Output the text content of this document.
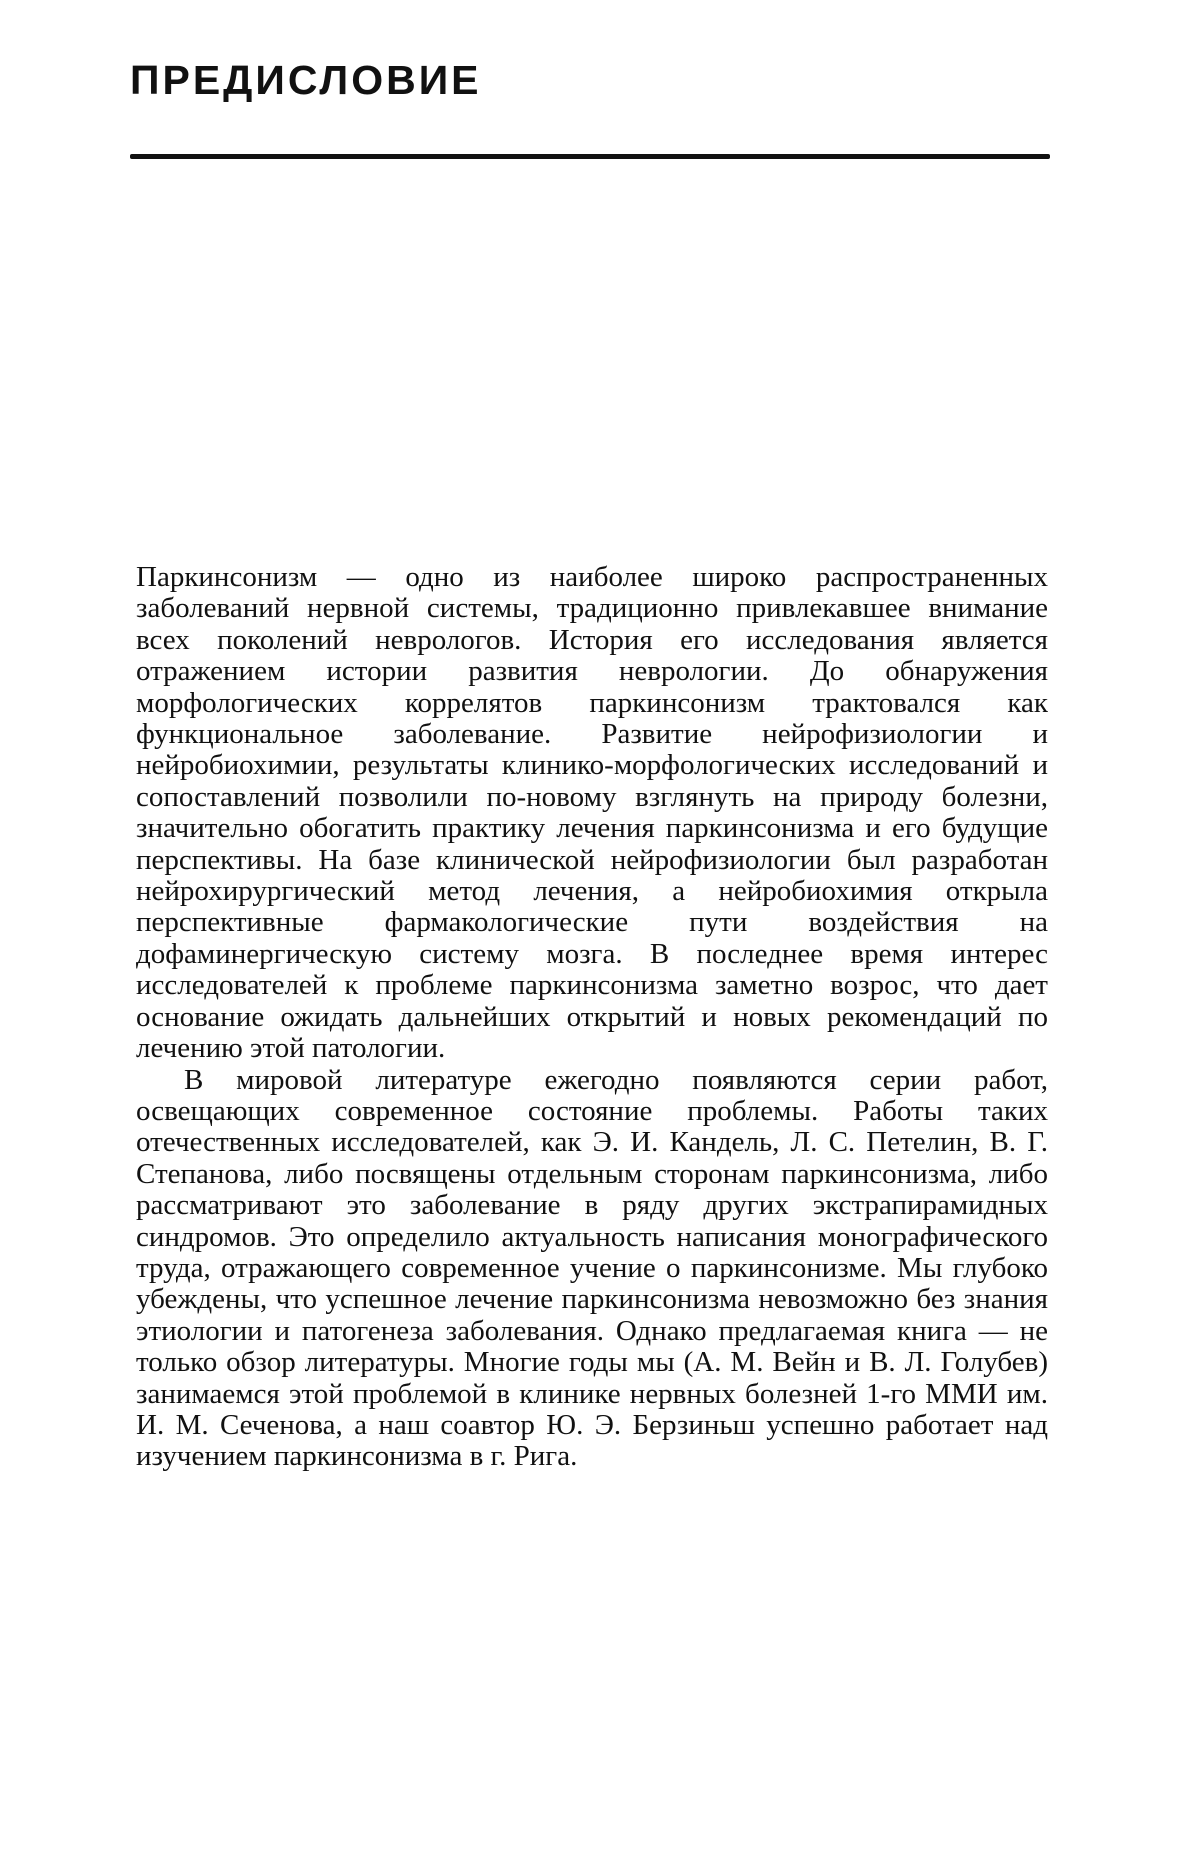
ПРЕДИСЛОВИЕ

Паркинсонизм — одно из наиболее широко распространенных заболеваний нервной системы, традиционно привлекавшее внимание всех поколений неврологов. История его исследования является отражением истории развития неврологии. До обнаружения морфологических коррелятов паркинсонизм трактовался как функциональное заболевание. Развитие нейрофизиологии и нейробиохимии, результаты клинико-морфологических исследований и сопоставлений позволили по-новому взглянуть на природу болезни, значительно обогатить практику лечения паркинсонизма и его будущие перспективы. На базе клинической нейрофизиологии был разработан нейрохирургический метод лечения, а нейробиохимия открыла перспективные фармакологические пути воздействия на дофаминергическую систему мозга. В последнее время интерес исследователей к проблеме паркинсонизма заметно возрос, что дает основание ожидать дальнейших открытий и новых рекомендаций по лечению этой патологии.

В мировой литературе ежегодно появляются серии работ, освещающих современное состояние проблемы. Работы таких отечественных исследователей, как Э. И. Кандель, Л. С. Петелин, В. Г. Степанова, либо посвящены отдельным сторонам паркинсонизма, либо рассматривают это заболевание в ряду других экстрапирамидных синдромов. Это определило актуальность написания монографического труда, отражающего современное учение о паркинсонизме. Мы глубоко убеждены, что успешное лечение паркинсонизма невозможно без знания этиологии и патогенеза заболевания. Однако предлагаемая книга — не только обзор литературы. Многие годы мы (А. М. Вейн и В. Л. Голубев) занимаемся этой проблемой в клинике нервных болезней 1-го ММИ им. И. М. Сеченова, а наш соавтор Ю. Э. Берзиньш успешно работает над изучением паркинсонизма в г. Рига.
